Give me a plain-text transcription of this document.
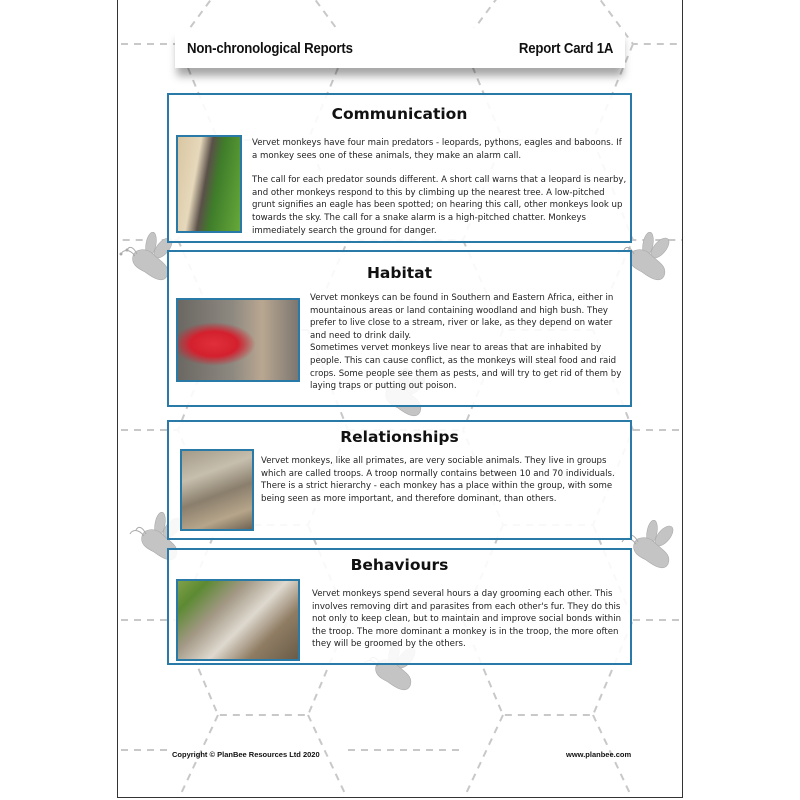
Non-chronological Reports	Report Card 1A
Communication

Vervet monkeys have four main predators - leopards, pythons, eagles and baboons. If a monkey sees one of these animals, they make an alarm call.

The call for each predator sounds different. A short call warns that a leopard is nearby, and other monkeys respond to this by climbing up the nearest tree. A low-pitched grunt signifies an eagle has been spotted; on hearing this call, other monkeys look up towards the sky. The call for a snake alarm is a high-pitched chatter. Monkeys immediately search the ground for danger.

Habitat

Vervet monkeys can be found in Southern and Eastern Africa, either in mountainous areas or land containing woodland and high bush. They prefer to live close to a stream, river or lake, as they depend on water and need to drink daily.

Sometimes vervet monkeys live near to areas that are inhabited by people. This can cause conflict, as the monkeys will steal food and raid crops. Some people see them as pests, and will try to get rid of them by laying traps or putting out poison.

Relationships

Vervet monkeys, like all primates, are very sociable animals. They live in groups which are called troops. A troop normally contains between 10 and 70 individuals. There is a strict hierarchy - each monkey has a place within the group, with some being seen as more important, and therefore dominant, than others.

Behaviours

Vervet monkeys spend several hours a day grooming each other. This involves removing dirt and parasites from each other's fur. They do this not only to keep clean, but to maintain and improve social bonds within the troop. The more dominant a monkey is in the troop, the more often they will be groomed by the others.

Copyright © PlanBee Resources Ltd 2020	www.planbee.com
